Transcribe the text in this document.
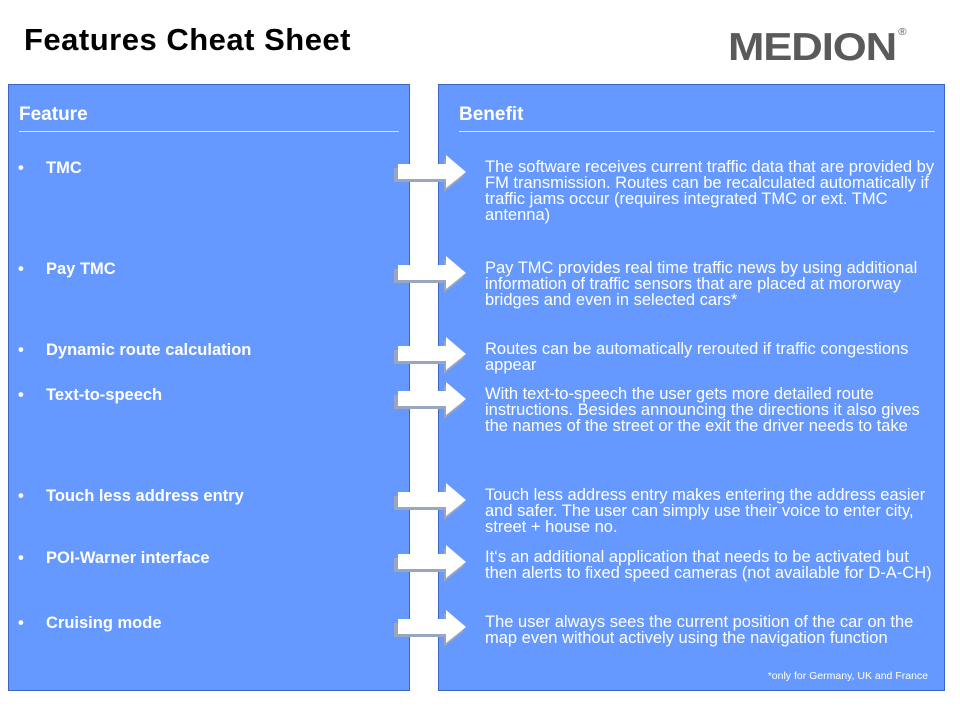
Features Cheat Sheet	MEDION ®
Feature	Benefit
• TMC	The software receives current traffic data that are provided by FM transmission. Routes can be recalculated automatically if traffic jams occur (requires integrated TMC or ext. TMC antenna)
• Pay TMC	Pay TMC provides real time traffic news by using additional information of traffic sensors that are placed at mororway bridges and even in selected cars*
• Dynamic route calculation	Routes can be automatically rerouted if traffic congestions appear
• Text-to-speech	With text-to-speech the user gets more detailed route instructions. Besides announcing the directions it also gives the names of the street or the exit the driver needs to take
• Touch less address entry	Touch less address entry makes entering the address easier and safer. The user can simply use their voice to enter city, street + house no.
• POI-Warner interface	It‘s an additional application that needs to be activated but then alerts to fixed speed cameras (not available for D-A-CH)
• Cruising mode	The user always sees the current position of the car on the map even without actively using the navigation function
*only for Germany, UK and France
